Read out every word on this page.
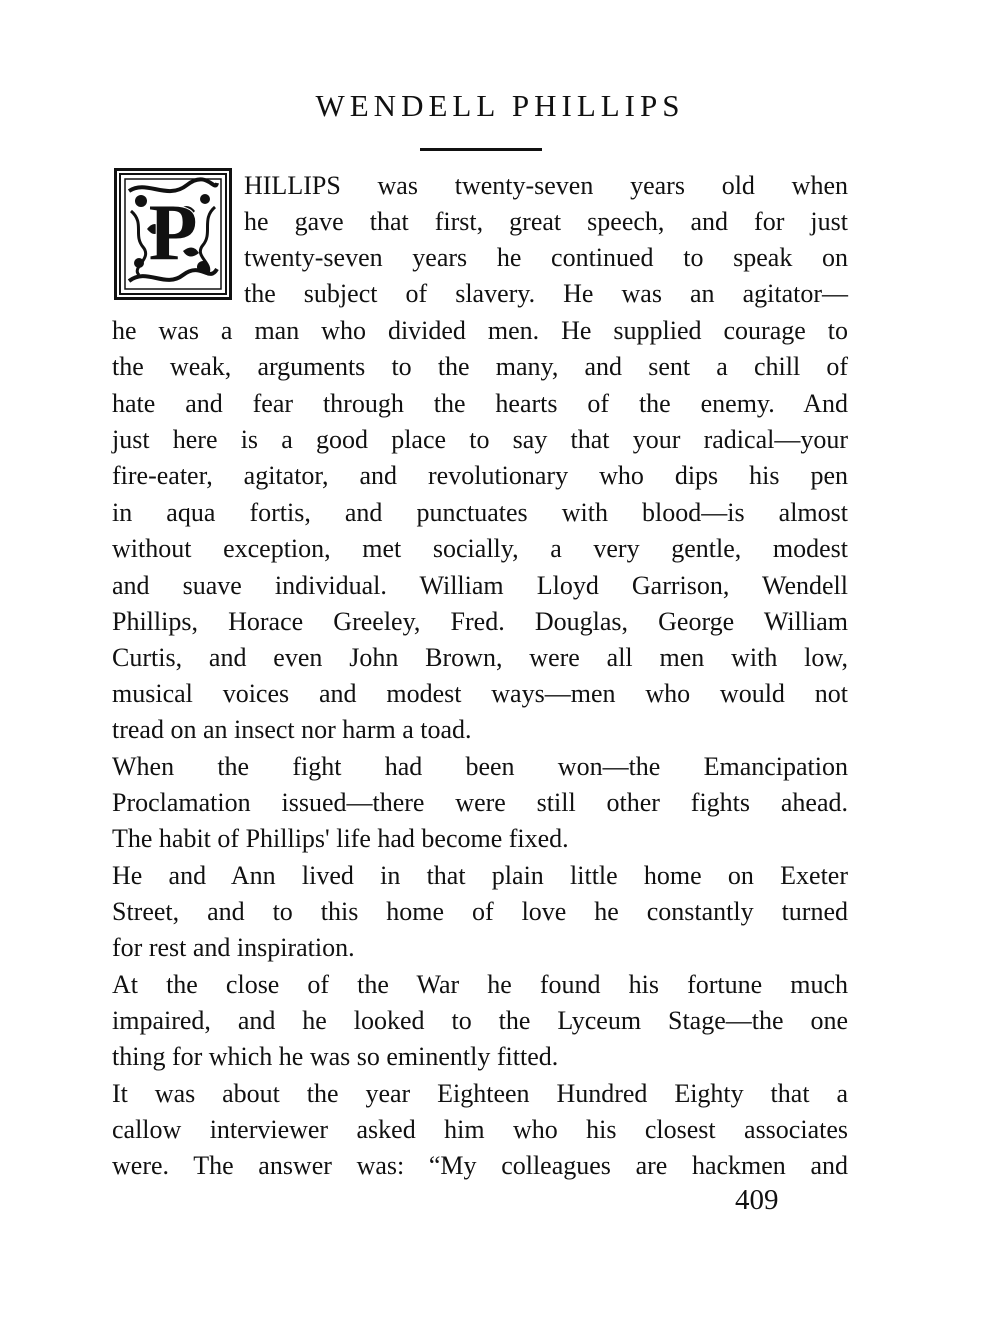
WENDELL PHILLIPS
P
HILLIPS was twenty-seven years old when
he gave that first, great speech, and for just
twenty-seven years he continued to speak on
the subject of slavery. He was an agitator—
he was a man who divided men. He supplied courage to
the weak, arguments to the many, and sent a chill of
hate and fear through the hearts of the enemy. And
just here is a good place to say that your radical—your
fire-eater, agitator, and revolutionary who dips his pen
in aqua fortis, and punctuates with blood—is almost
without exception, met socially, a very gentle, modest
and suave individual. William Lloyd Garrison, Wendell
Phillips, Horace Greeley, Fred. Douglas, George William
Curtis, and even John Brown, were all men with low,
musical voices and modest ways—men who would not
tread on an insect nor harm a toad.
When the fight had been won—the Emancipation
Proclamation issued—there were still other fights ahead.
The habit of Phillips' life had become fixed.
He and Ann lived in that plain little home on Exeter
Street, and to this home of love he constantly turned
for rest and inspiration.
At the close of the War he found his fortune much
impaired, and he looked to the Lyceum Stage—the one
thing for which he was so eminently fitted.
It was about the year Eighteen Hundred Eighty that a
callow interviewer asked him who his closest associates
were. The answer was: “My colleagues are hackmen and
409
